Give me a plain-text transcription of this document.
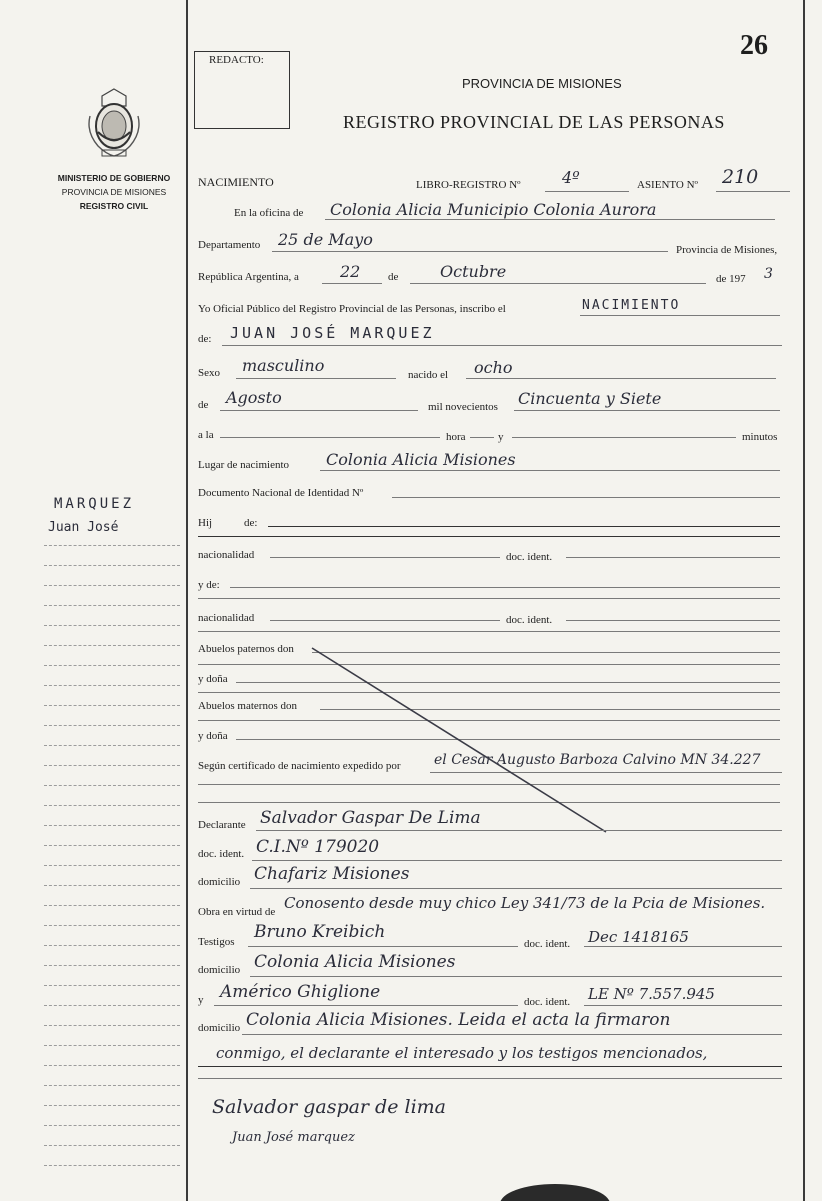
26
REDACTO:
PROVINCIA DE MISIONES
REGISTRO PROVINCIAL DE LAS PERSONAS
MINISTERIO DE GOBIERNO
PROVINCIA DE MISIONES
REGISTRO CIVIL
MARQUEZ
Juan José
NACIMIENTO	LIBRO-REGISTRO Nº	4º	ASIENTO Nº 210
En la oficina de Colonia Alicia Municipio Colonia Aurora
Departamento 25 de Mayo
Provincia de Misiones,
República Argentina, a	22	de	Octubre	de 197 3
Yo Oficial Público del Registro Provincial de las Personas, inscribo el	NACIMIENTO
de: JUAN JOSÉ MARQUEZ
Sexo masculino	nacido el ocho
de Agosto	mil novecientos Cincuenta y Siete
a la	hora	y	minutos
Lugar de nacimiento Colonia Alicia Misiones
Documento Nacional de Identidad Nº
Hij	de:
nacionalidad	doc. ident.
y de:
nacionalidad	doc. ident.
Abuelos paternos don
y doña
Abuelos maternos don
y doña
Según certificado de nacimiento expedido por el Cesar Augusto Barboza Calvino MN 34.227
Declarante Salvador Gaspar De Lima
doc. ident. C.I.Nº 179020
domicilio Chafariz Misiones
Obra en virtud de Conosento desde muy chico Ley 341/73 de la Pcia de Misiones.
Testigos Bruno Kreibich
doc. ident. Dec 1418165
domicilio Colonia Alicia Misiones
y Américo Ghiglione	doc. ident. LE Nº 7.557.945
domicilio Colonia Alicia Misiones. Leida el acta la firmaron
conmigo, el declarante el interesado y los testigos mencionados,
Salvador gaspar de lima
Juan José marquez
